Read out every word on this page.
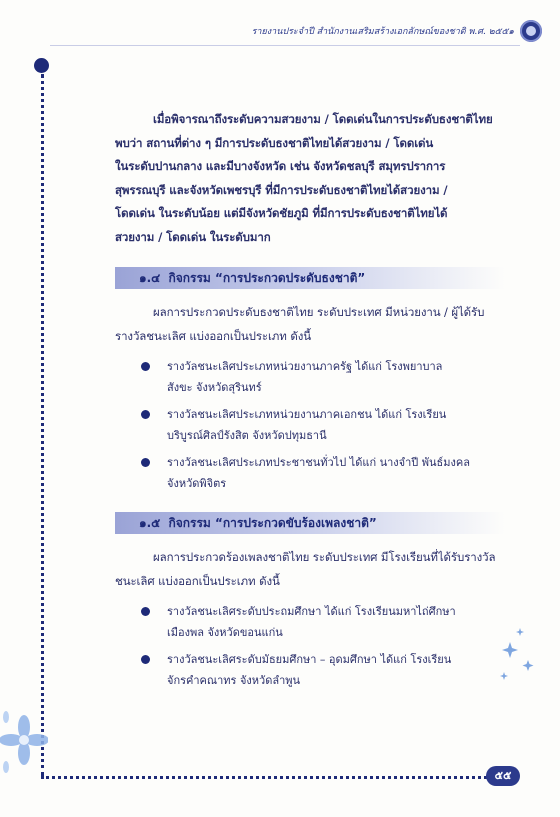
รายงานประจำปี สำนักงานเสริมสร้างเอกลักษณ์ของชาติ พ.ศ. ๒๕๕๑
๕๕

เมื่อพิจารณาถึงระดับความสวยงาม / โดดเด่นในการประดับธงชาติไทย

พบว่า สถานที่ต่าง ๆ มีการประดับธงชาติไทยได้สวยงาม / โดดเด่น

ในระดับปานกลาง และมีบางจังหวัด เช่น จังหวัดชลบุรี สมุทรปราการ

สุพรรณบุรี และจังหวัดเพชรบุรี ที่มีการประดับธงชาติไทยได้สวยงาม /

โดดเด่น ในระดับน้อย แต่มีจังหวัดชัยภูมิ ที่มีการประดับธงชาติไทยได้

สวยงาม / โดดเด่น ในระดับมาก

๑.๔ กิจกรรม “การประกวดประดับธงชาติ”

ผลการประกวดประดับธงชาติไทย ระดับประเทศ มีหน่วยงาน / ผู้ได้รับ

รางวัลชนะเลิศ แบ่งออกเป็นประเภท ดังนี้

รางวัลชนะเลิศประเภทหน่วยงานภาครัฐ ได้แก่ โรงพยาบาล
สังขะ จังหวัดสุรินทร์
รางวัลชนะเลิศประเภทหน่วยงานภาคเอกชน ได้แก่ โรงเรียน
บริบูรณ์ศิลป์รังสิต จังหวัดปทุมธานี
รางวัลชนะเลิศประเภทประชาชนทั่วไป ได้แก่ นางจำปี พันธ์มงคล
จังหวัดพิจิตร
๑.๕ กิจกรรม “การประกวดขับร้องเพลงชาติ”

ผลการประกวดร้องเพลงชาติไทย ระดับประเทศ มีโรงเรียนที่ได้รับรางวัล

ชนะเลิศ แบ่งออกเป็นประเภท ดังนี้

รางวัลชนะเลิศระดับประถมศึกษา ได้แก่ โรงเรียนมหาไถ่ศึกษา
เมืองพล จังหวัดขอนแก่น
รางวัลชนะเลิศระดับมัธยมศึกษา – อุดมศึกษา ได้แก่ โรงเรียน
จักรคำคณาทร จังหวัดลำพูน
